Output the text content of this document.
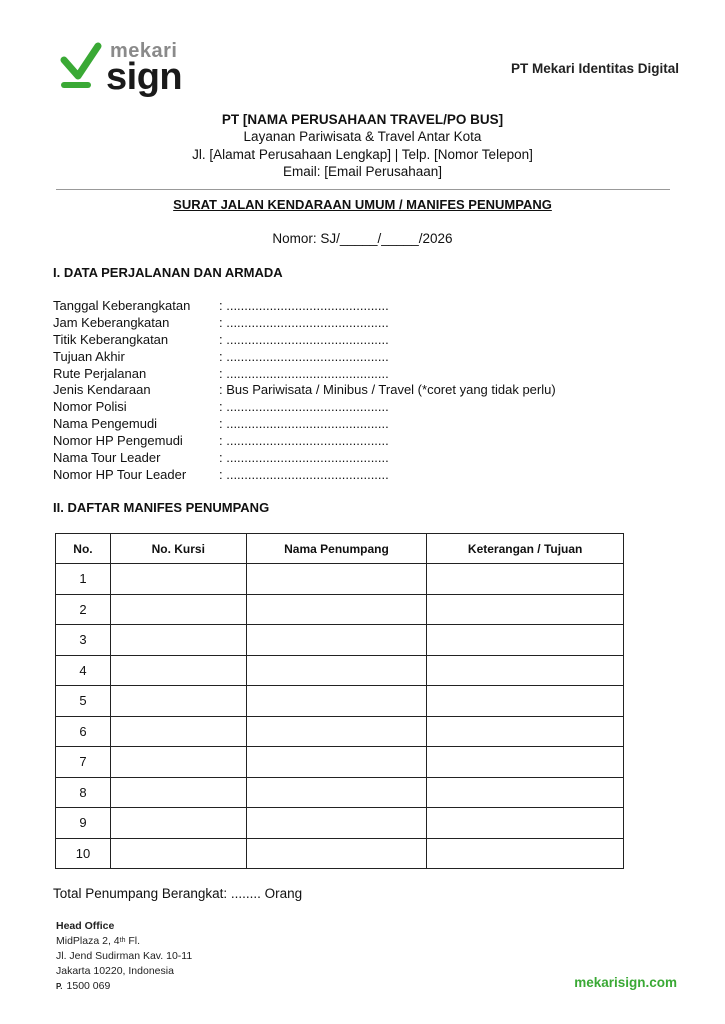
mekari
sign	PT Mekari Identitas Digital
PT [NAMA PERUSAHAAN TRAVEL/PO BUS]
Layanan Pariwisata & Travel Antar Kota
Jl. [Alamat Perusahaan Lengkap] | Telp. [Nomor Telepon]
Email: [Email Perusahaan]
SURAT JALAN KENDARAAN UMUM / MANIFES PENUMPANG
Nomor: SJ/_____/_____/2026
I. DATA PERJALANAN DAN ARMADA
Tanggal Keberangkatan : .............................................
Jam Keberangkatan	: .............................................
Titik Keberangkatan	: .............................................
Tujuan Akhir	: .............................................
Rute Perjalanan	: .............................................
Jenis Kendaraan	: Bus Pariwisata / Minibus / Travel (*coret yang tidak perlu)
Nomor Polisi	: .............................................
Nama Pengemudi	: .............................................
Nomor HP Pengemudi	: .............................................
Nama Tour Leader	: .............................................
Nomor HP Tour Leader	: .............................................
II. DAFTAR MANIFES PENUMPANG
No.	No. Kursi	Nama Penumpang	Keterangan / Tujuan
1			
2			
3			
4			
5			
6			
7			
8			
9			
10			
Total Penumpang Berangkat: ........ Orang
Head Office
MidPlaza 2, 4th Fl.
Jl. Jend Sudirman Kav. 10-11
Jakarta 10220, Indonesia
P. 1500 069	mekarisign.com
